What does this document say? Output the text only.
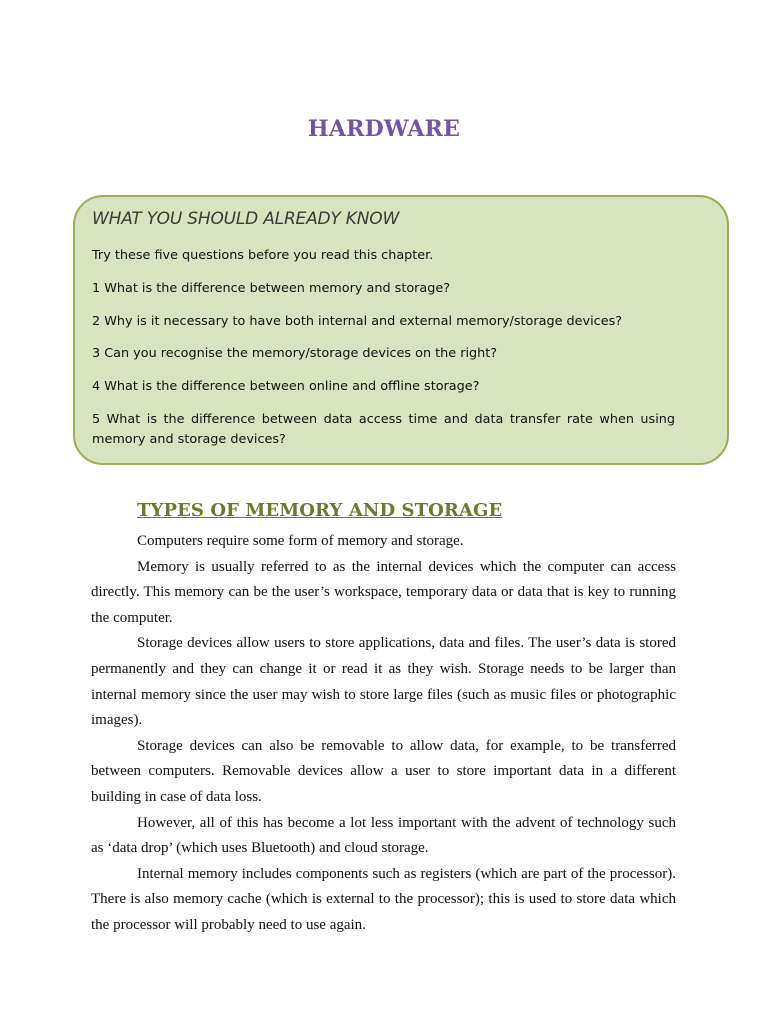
HARDWARE
WHAT YOU SHOULD ALREADY KNOW

Try these five questions before you read this chapter.

1 What is the difference between memory and storage?

2 Why is it necessary to have both internal and external memory/storage devices?

3 Can you recognise the memory/storage devices on the right?

4 What is the difference between online and offline storage?

5 What is the difference between data access time and data transfer rate when using memory and storage devices?

TYPES OF MEMORY AND STORAGE

Computers require some form of memory and storage.

Memory is usually referred to as the internal devices which the computer can access directly. This memory can be the user’s workspace, temporary data or data that is key to running the computer.

Storage devices allow users to store applications, data and files. The user’s data is stored permanently and they can change it or read it as they wish. Storage needs to be larger than internal memory since the user may wish to store large files (such as music files or photographic images).

Storage devices can also be removable to allow data, for example, to be transferred between computers. Removable devices allow a user to store important data in a different building in case of data loss.

However, all of this has become a lot less important with the advent of technology such as ‘data drop’ (which uses Bluetooth) and cloud storage.

Internal memory includes components such as registers (which are part of the processor). There is also memory cache (which is external to the processor); this is used to store data which the processor will probably need to use again.
